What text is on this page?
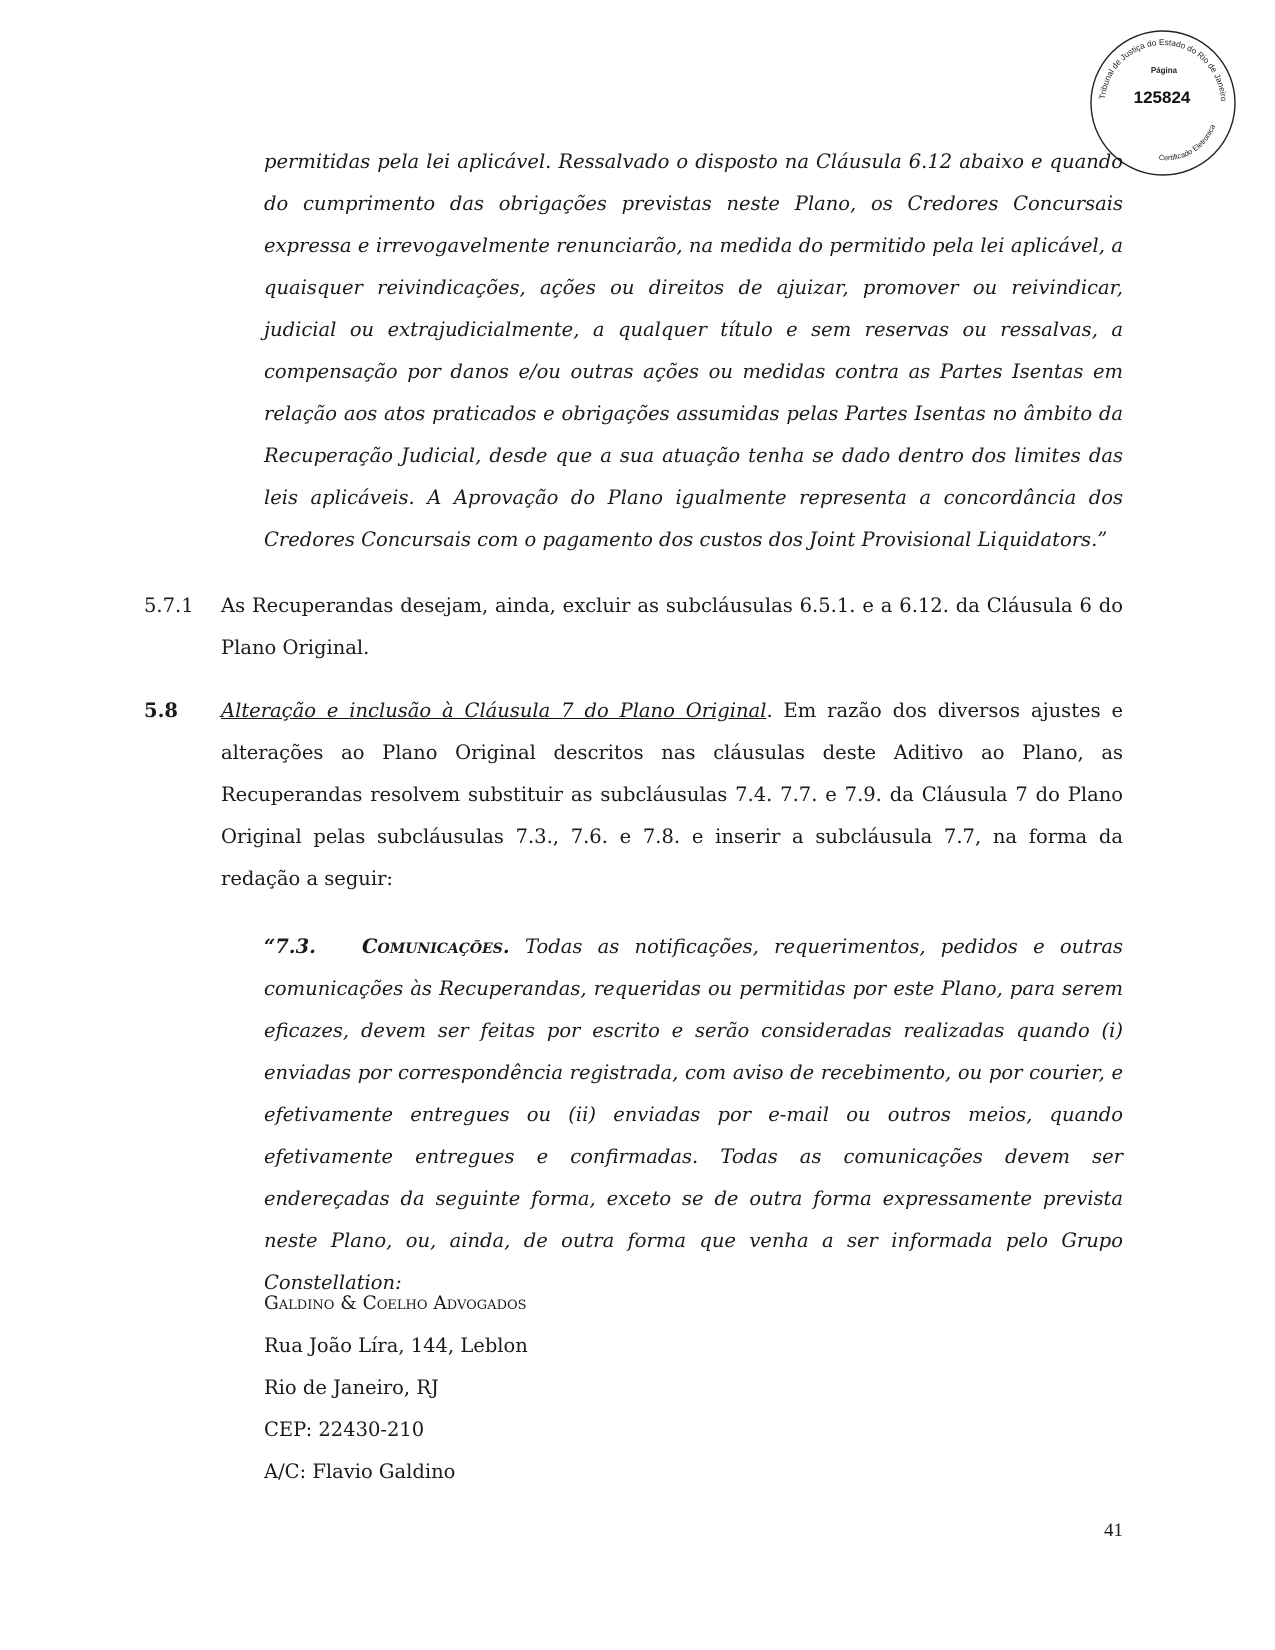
Tribunal de Justiça do Estado do Rio de Janeiro
Certificado Eletronica
Página
125824
permitidas pela lei aplicável. Ressalvado o disposto na Cláusula 6.12 abaixo e quando do cumprimento das obrigações previstas neste Plano, os Credores Concursais expressa e irrevogavelmente renunciarão, na medida do permitido pela lei aplicável, a quaisquer reivindicações, ações ou direitos de ajuizar, promover ou reivindicar, judicial ou extrajudicialmente, a qualquer título e sem reservas ou ressalvas, a compensação por danos e/ou outras ações ou medidas contra as Partes Isentas em relação aos atos praticados e obrigações assumidas pelas Partes Isentas no âmbito da Recuperação Judicial, desde que a sua atuação tenha se dado dentro dos limites das leis aplicáveis. A Aprovação do Plano igualmente representa a concordância dos Credores Concursais com o pagamento dos custos dos Joint Provisional Liquidators.”
5.7.1 As Recuperandas desejam, ainda, excluir as subcláusulas 6.5.1. e a 6.12. da Cláusula 6 do Plano Original.
5.8 Alteração e inclusão à Cláusula 7 do Plano Original. Em razão dos diversos ajustes e alterações ao Plano Original descritos nas cláusulas deste Aditivo ao Plano, as Recuperandas resolvem substituir as subcláusulas 7.4. 7.7. e 7.9. da Cláusula 7 do Plano Original pelas subcláusulas 7.3., 7.6. e 7.8. e inserir a subcláusula 7.7, na forma da redação a seguir:
“7.3. Comunicações. Todas as notificações, requerimentos, pedidos e outras comunicações às Recuperandas, requeridas ou permitidas por este Plano, para serem eficazes, devem ser feitas por escrito e serão consideradas realizadas quando (i) enviadas por correspondência registrada, com aviso de recebimento, ou por courier, e efetivamente entregues ou (ii) enviadas por e-mail ou outros meios, quando efetivamente entregues e confirmadas. Todas as comunicações devem ser endereçadas da seguinte forma, exceto se de outra forma expressamente prevista neste Plano, ou, ainda, de outra forma que venha a ser informada pelo Grupo Constellation:
Galdino & Coelho Advogados
Rua João Líra, 144, Leblon
Rio de Janeiro, RJ
CEP: 22430-210
A/C: Flavio Galdino
41
